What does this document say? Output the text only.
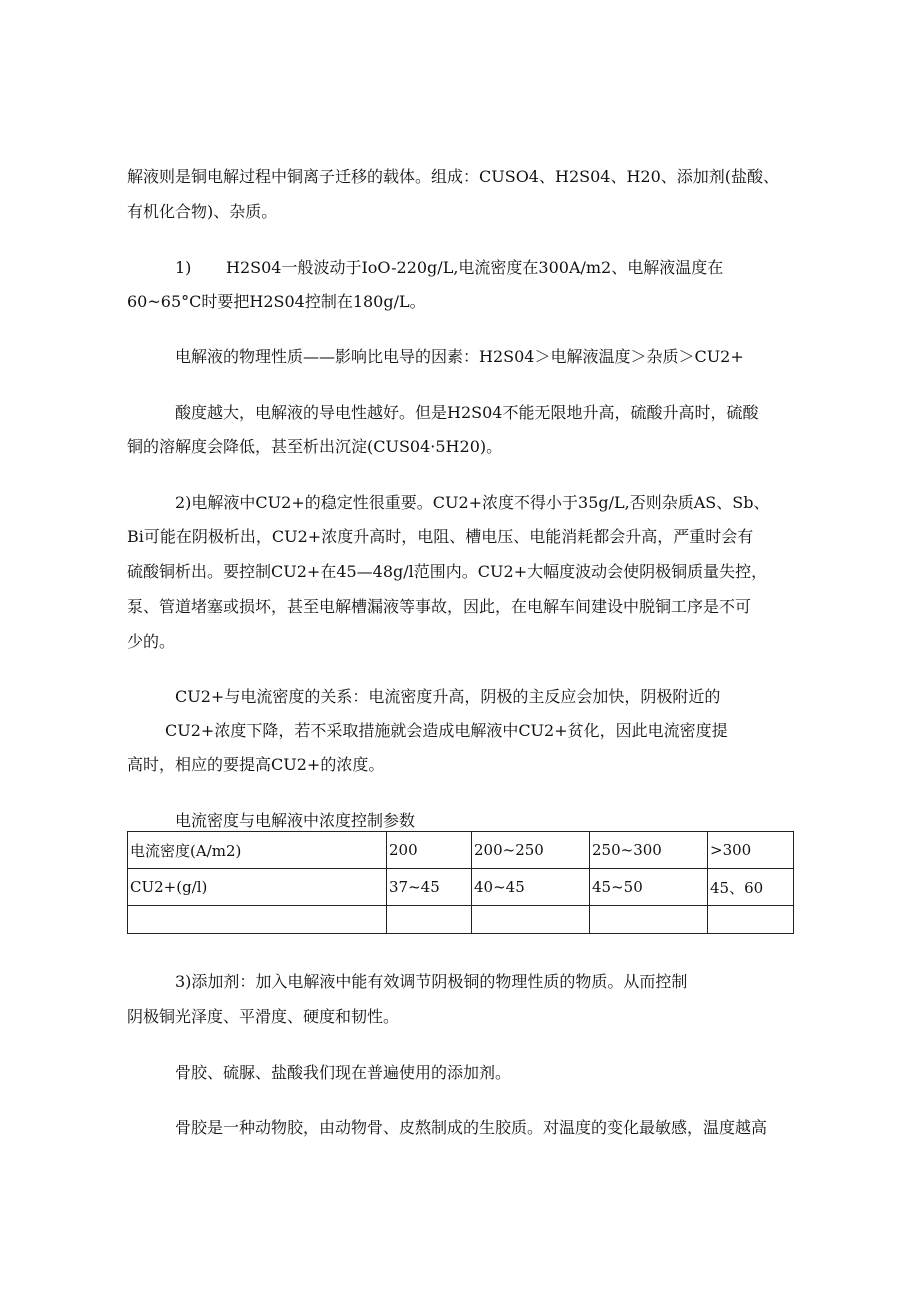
解液则是铜电解过程中铜离子迁移的载体。组成：CUSO4、H2S04、H20、添加剂(盐酸、
有机化合物)、杂质。
1) H2S04一般波动于IoO-220g/L,电流密度在300A/m2、电解液温度在
60~65°C时要把H2S04控制在180g/L。
电解液的物理性质——影响比电导的因素：H2S04＞电解液温度＞杂质＞CU2+
酸度越大，电解液的导电性越好。但是H2S04不能无限地升高，硫酸升高时，硫酸
铜的溶解度会降低，甚至析出沉淀(CUS04·5H20)。
2)电解液中CU2+的稳定性很重要。CU2+浓度不得小于35g/L,否则杂质AS、Sb、
Bi可能在阴极析出，CU2+浓度升高时，电阻、槽电压、电能消耗都会升高，严重时会有
硫酸铜析出。要控制CU2+在45—48g/l范围内。CU2+大幅度波动会使阴极铜质量失控，
泵、管道堵塞或损坏，甚至电解槽漏液等事故，因此，在电解车间建设中脱铜工序是不可
少的。
CU2+与电流密度的关系：电流密度升高，阴极的主反应会加快，阴极附近的
CU2+浓度下降，若不采取措施就会造成电解液中CU2+贫化，因此电流密度提
高时，相应的要提高CU2+的浓度。
电流密度与电解液中浓度控制参数
电流密度(A/m2)	200	200~250	250~300	>300
CU2+(g/l)	37~45	40~45	45~50	45、60

3)添加剂：加入电解液中能有效调节阴极铜的物理性质的物质。从而控制
阴极铜光泽度、平滑度、硬度和韧性。
骨胶、硫脲、盐酸我们现在普遍使用的添加剂。
骨胶是一种动物胶，由动物骨、皮熬制成的生胶质。对温度的变化最敏感，温度越高
